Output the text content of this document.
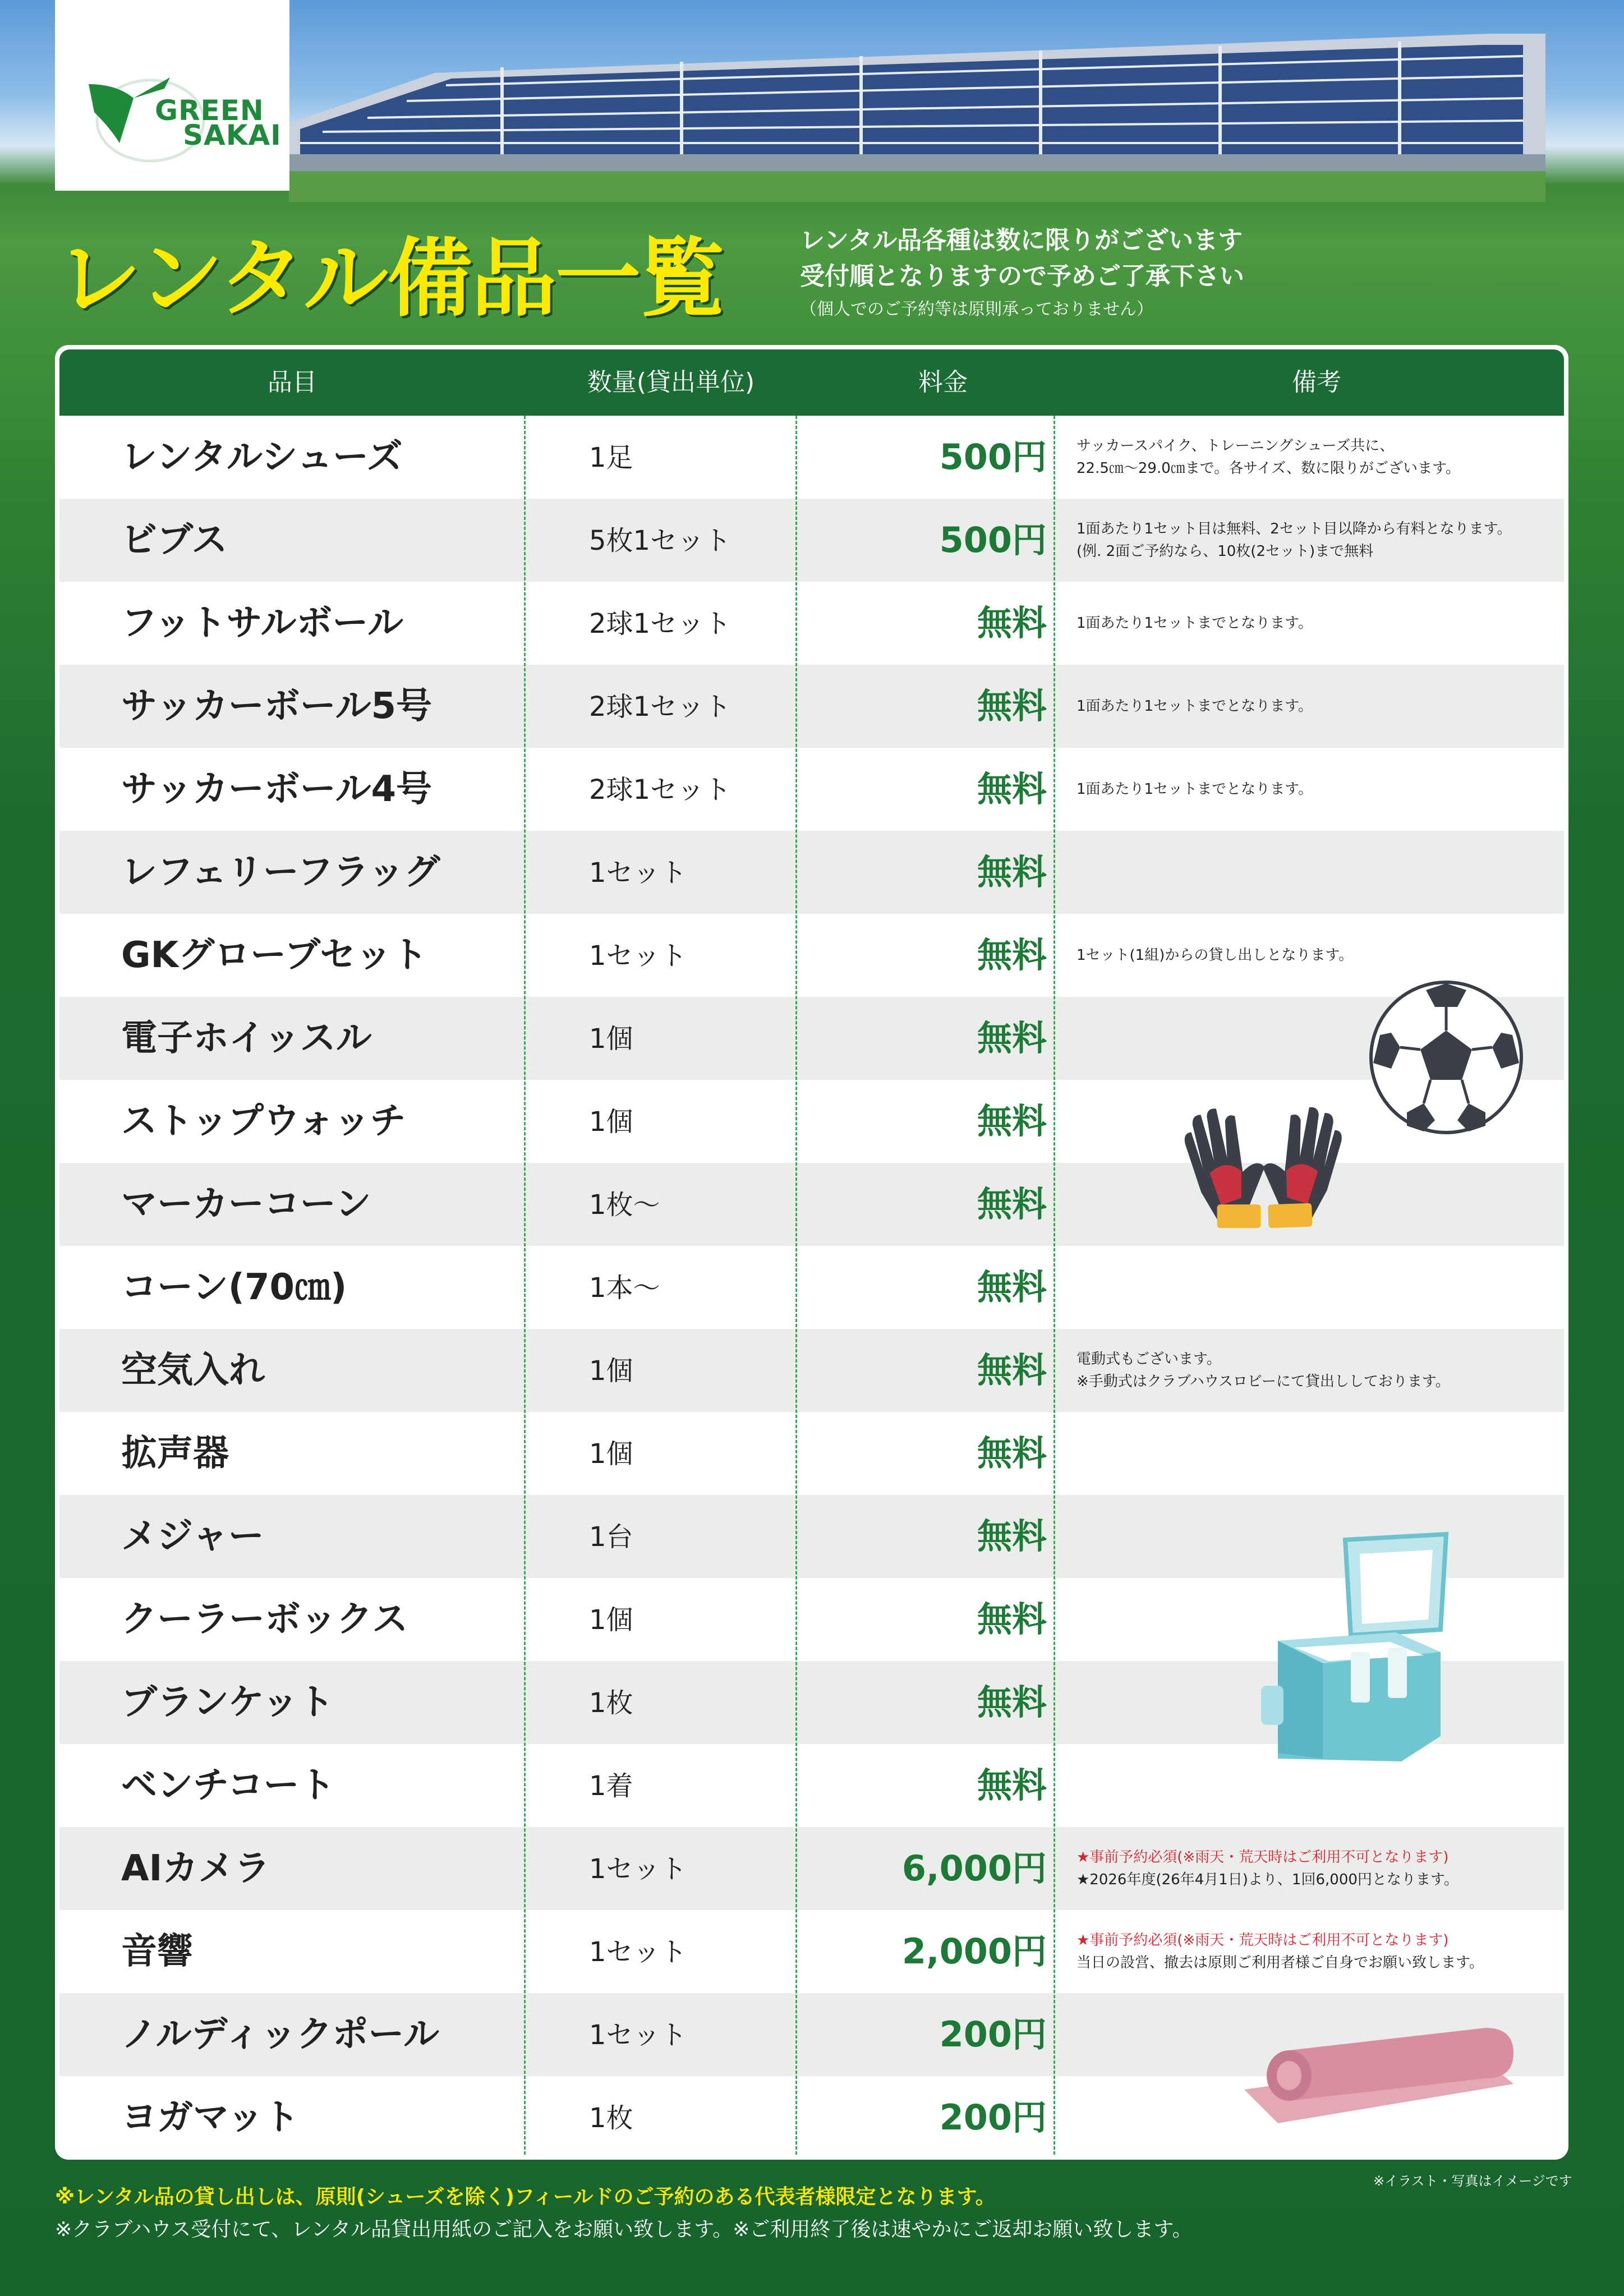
GREEN
SAKAI
レンタル備品一覧	レンタル品各種は数に限りがございます
受付順となりますので予めご了承下さい
（個人でのご予約等は原則承っておりません）
品目	数量(貸出単位)	料金	備考
レンタルシューズ	1足	500円 サッカースパイク、トレーニングシューズ共に、
22.5㎝〜29.0㎝まで。各サイズ、数に限りがございます。
ビブス	5枚1セット	500円 1面あたり1セット目は無料、2セット目以降から有料となります。
(例. 2面ご予約なら、10枚(2セット)まで無料
フットサルボール	2球1セット	無料 1面あたり1セットまでとなります。
サッカーボール5号	2球1セット	無料 1面あたり1セットまでとなります。
サッカーボール4号	2球1セット	無料 1面あたり1セットまでとなります。
レフェリーフラッグ	1セット	無料
GKグローブセット	1セット	無料 1セット(1組)からの貸し出しとなります。
電子ホイッスル	1個	無料
ストップウォッチ	1個	無料
マーカーコーン	1枚〜	無料
コーン(70㎝)	1本〜	無料
空気入れ	1個	無料 電動式もございます。
※手動式はクラブハウスロビーにて貸出ししております。
拡声器	1個	無料
メジャー	1台	無料
クーラーボックス	1個	無料
ブランケット	1枚	無料
ベンチコート	1着	無料
AIカメラ	1セット	6,000円 ★事前予約必須(※雨天・荒天時はご利用不可となります)
★2026年度(26年4月1日)より、1回6,000円となります。
音響	1セット	2,000円 ★事前予約必須(※雨天・荒天時はご利用不可となります)
当日の設営、撤去は原則ご利用者様ご自身でお願い致します。
ノルディックポール	1セット	200円
ヨガマット	1枚	200円
※イラスト・写真はイメージです
※レンタル品の貸し出しは、原則(シューズを除く)フィールドのご予約のある代表者様限定となります。
※クラブハウス受付にて、レンタル品貸出用紙のご記入をお願い致します。※ご利用終了後は速やかにご返却お願い致します。
